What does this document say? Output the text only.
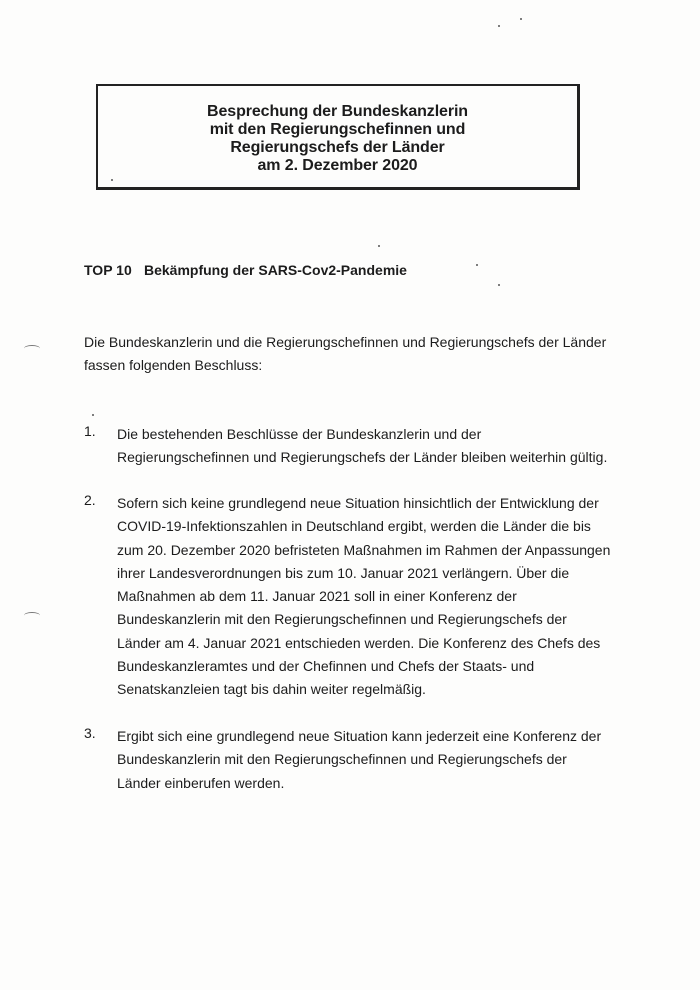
Besprechung der Bundeskanzlerin
mit den Regierungschefinnen und
Regierungschefs der Länder
am 2. Dezember 2020
TOP 10 Bekämpfung der SARS-Cov2-Pandemie
Die Bundeskanzlerin und die Regierungschefinnen und Regierungschefs der Länder
fassen folgenden Beschluss:
1. Die bestehenden Beschlüsse der Bundeskanzlerin und der
Regierungschefinnen und Regierungschefs der Länder bleiben weiterhin gültig.
2. Sofern sich keine grundlegend neue Situation hinsichtlich der Entwicklung der
COVID-19-Infektionszahlen in Deutschland ergibt, werden die Länder die bis
zum 20. Dezember 2020 befristeten Maßnahmen im Rahmen der Anpassungen
ihrer Landesverordnungen bis zum 10. Januar 2021 verlängern. Über die
Maßnahmen ab dem 11. Januar 2021 soll in einer Konferenz der
Bundeskanzlerin mit den Regierungschefinnen und Regierungschefs der
Länder am 4. Januar 2021 entschieden werden. Die Konferenz des Chefs des
Bundeskanzleramtes und der Chefinnen und Chefs der Staats- und
Senatskanzleien tagt bis dahin weiter regelmäßig.
3. Ergibt sich eine grundlegend neue Situation kann jederzeit eine Konferenz der
Bundeskanzlerin mit den Regierungschefinnen und Regierungschefs der
Länder einberufen werden.
